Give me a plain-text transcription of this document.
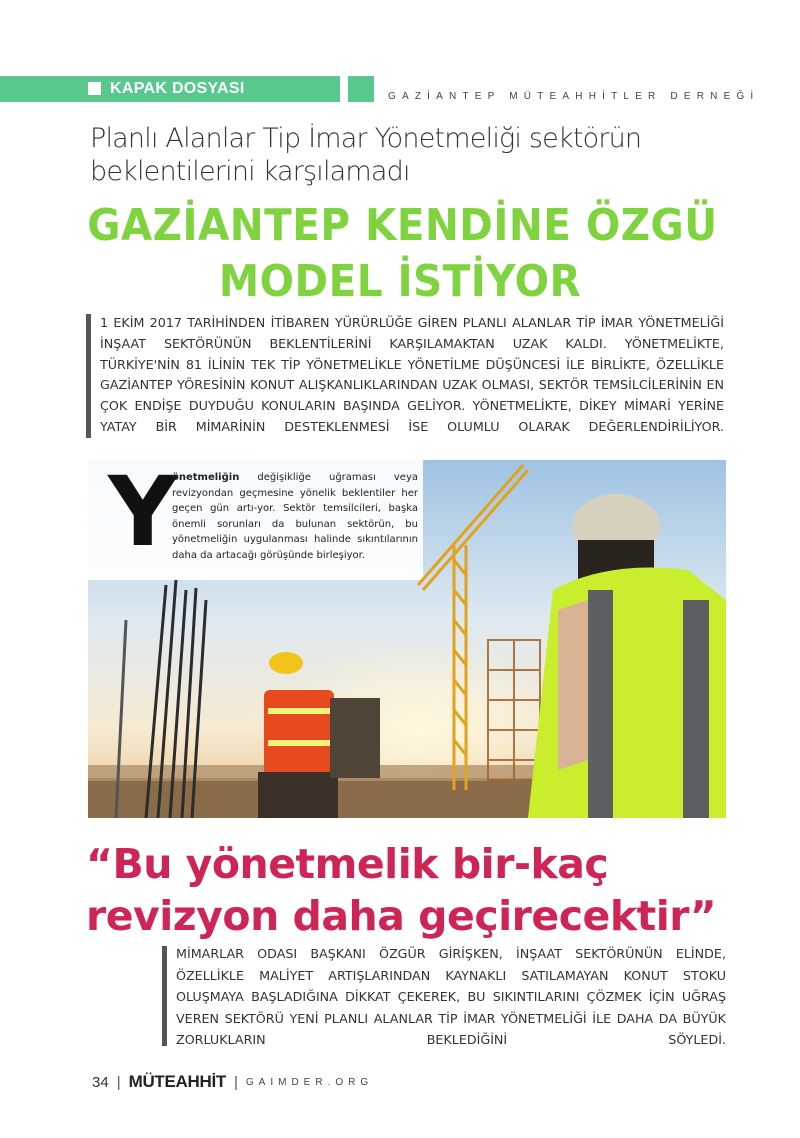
KAPAK DOSYASI	GAZİANTEP MÜTEAHHİTLER DERNEĞİ
Planlı Alanlar Tip İmar Yönetmeliği sektörün
beklentilerini karşılamadı
GAZİANTEP KENDİNE ÖZGÜ
MODEL İSTİYOR
1 EKİM 2017 TARİHİNDEN İTİBAREN YÜRÜRLÜĞE GİREN PLANLI ALANLAR TİP İMAR YÖNETMELİĞİ İNŞAAT SEKTÖRÜNÜN BEKLENTİLERİNİ KARŞILAMAKTAN UZAK KALDI. YÖNETMELİKTE, TÜRKİYE'NİN 81 İLİNİN TEK TİP YÖNETMELİKLE YÖNETİLME DÜŞÜNCESİ İLE BİRLİKTE, ÖZELLİKLE GAZİANTEP YÖRESİNİN KONUT ALIŞKANLIKLARINDAN UZAK OLMASI, SEKTÖR TEMSİLCİLERİNİN EN ÇOK ENDİŞE DUYDUĞU KONULARIN BAŞINDA GELİYOR. YÖNETMELİKTE, DİKEY MİMARİ YERİNE YATAY BİR MİMARİNİN DESTEKLENMESİ İSE OLUMLU OLARAK DEĞERLENDİRİLİYOR.
Y
önetmeliğin değişikliğe uğraması veya revizyondan geçmesine yönelik beklentiler her geçen gün artı-yor. Sektör temsilcileri, başka önemli sorunları da bulunan sektörün, bu yönetmeliğin uygulanması halinde sıkıntılarının daha da artacağı görüşünde birleşiyor.
“Bu yönetmelik bir-kaç
revizyon daha geçirecektir”
MİMARLAR ODASI BAŞKANI ÖZGÜR GİRİŞKEN, İNŞAAT SEKTÖRÜNÜN ELİNDE, ÖZELLİKLE MALİYET ARTIŞLARINDAN KAYNAKLI SATILAMAYAN KONUT STOKU OLUŞMAYA BAŞLADIĞINA DİKKAT ÇEKEREK, BU SIKINTILARINI ÇÖZMEK İÇİN UĞRAŞ VEREN SEKTÖRÜ YENİ PLANLI ALANLAR TİP İMAR YÖNETMELİĞİ İLE DAHA DA BÜYÜK ZORLUKLARIN BEKLEDİĞİNİ SÖYLEDİ.
34 | MÜTEAHHİT | GAIMDER.ORG
